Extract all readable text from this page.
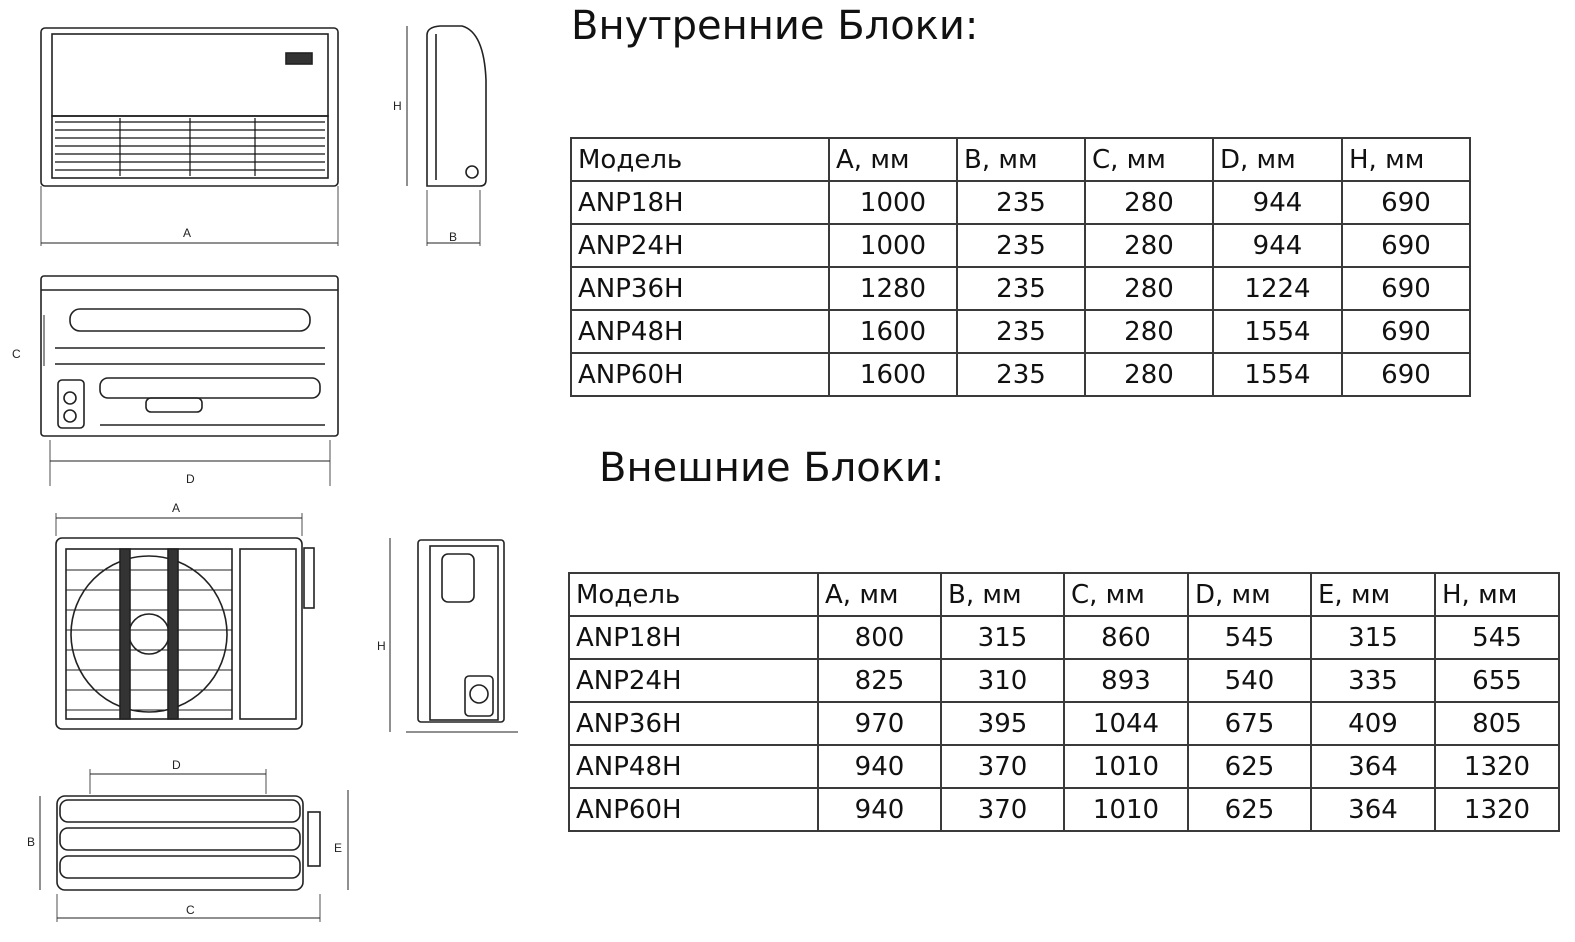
A	B
H
C
D
A
H
D
B	E
C
Внутренние Блоки:
Модель	A, мм	B, мм	C, мм	D, мм	H, мм
ANP18H	1000	235	280	944	690
ANP24H	1000	235	280	944	690
ANP36H	1280	235	280	1224	690
ANP48H	1600	235	280	1554	690
ANP60H	1600	235	280	1554	690
Внешние Блоки:
Модель	A, мм	B, мм	C, мм	D, мм	E, мм	H, мм
ANP18H	800	315	860	545	315	545
ANP24H	825	310	893	540	335	655
ANP36H	970	395	1044	675	409	805
ANP48H	940	370	1010	625	364	1320
ANP60H	940	370	1010	625	364	1320
